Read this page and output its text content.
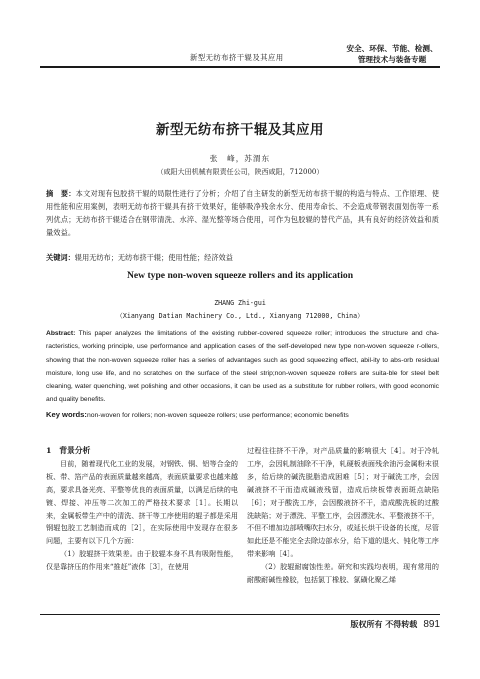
新型无纺布挤干辊及其应用
安全、环保、节能、检测、
管理技术与装备专题
新型无纺布挤干辊及其应用
张　峰，苏渭东
（咸阳大田机械有限责任公司，陕西咸阳，712000）
摘　要：本文对现有包胶挤干辊的局限性进行了分析；介绍了自主研发的新型无纺布挤干辊的构造与特点、工作原理、使用性能和应用案例，表明无纺布挤干辊具有挤干效果好，能够吸净残余水分、使用寿命长、不会造成带钢表面划伤等一系列优点；无纺布挤干辊适合在钢带清洗、水淬、湿光整等场合使用，可作为包胶辊的替代产品，具有良好的经济效益和质量效益。
关键词：辊用无纺布；无纺布挤干辊；使用性能；经济效益
New type non-woven squeeze rollers and its application
ZHANG Zhi-gui
（Xianyang Datian Machinery Co., Ltd., Xianyang 712000, China）
Abstract: This paper analyzes the limitations of the existing rubber-covered squeeze roller; introduces the structure and cha-racteristics, working principle, use performance and application cases of the self-developed new type non-woven squeeze r-ollers, showing that the non-woven squeeze roller has a series of advantages such as good squeezing effect, abil-ity to abs-orb residual moisture, long use life, and no scratches on the surface of the steel strip;non-woven squeeze rollers are suita-ble for steel belt cleaning, water quenching, wet polishing and other occasions, it can be used as a substitute for rubber rollers, with good economic and quality benefits.
Key words:non-woven for rollers; non-woven squeeze rollers; use performance; economic benefits

1　背景分析

目前，随着现代化工业的发展，对钢铁、铜、铝等合金的板、带、箔产品的表面质量越来越高，表面质量要求也越来越高，要求具备光亮、平整等优良的表面质量，以满足后续的电镀、焊接、冲压等二次加工的严格技术要求［1］。长期以来，金属板带生产中的清洗、挤干等工序使用的辊子都是采用钢辊包胶工艺制造而成的［2］，在实际使用中发现存在很多问题，主要有以下几个方面：

（1）胶辊挤干效果差。由于胶辊本身不具有吸附性能，仅是靠挤压的作用来“推赶”液体［3］，在使用

过程往往挤不干净，对产品质量的影响很大［4］。对于冷轧工序，会因轧制油除不干净，轧硬板表面残余油污金属粉末很多，给后续的碱洗脱脂造成困难［5］；对于碱洗工序，会因碱液挤不干而造成碱液残留，造成后续板带表面斑点缺陷［6］；对于酸洗工序，会因酸液挤不干，造成酸洗板的过酸洗缺陷；对于漂洗、平整工序，会因漂洗水、平整液挤不干，不但不增加边部喷嘴吹扫水分，或延长烘干设备的长度，尽管如此还是不能完全去除边部水分，给下道的退火、钝化等工序带来影响［4］。

（2）胶辊耐腐蚀性差。研究和实践均表明，现有常用的耐酸耐碱性橡胶，包括氯丁橡胶、氯磺化聚乙烯

版权所有 不得转载 891
